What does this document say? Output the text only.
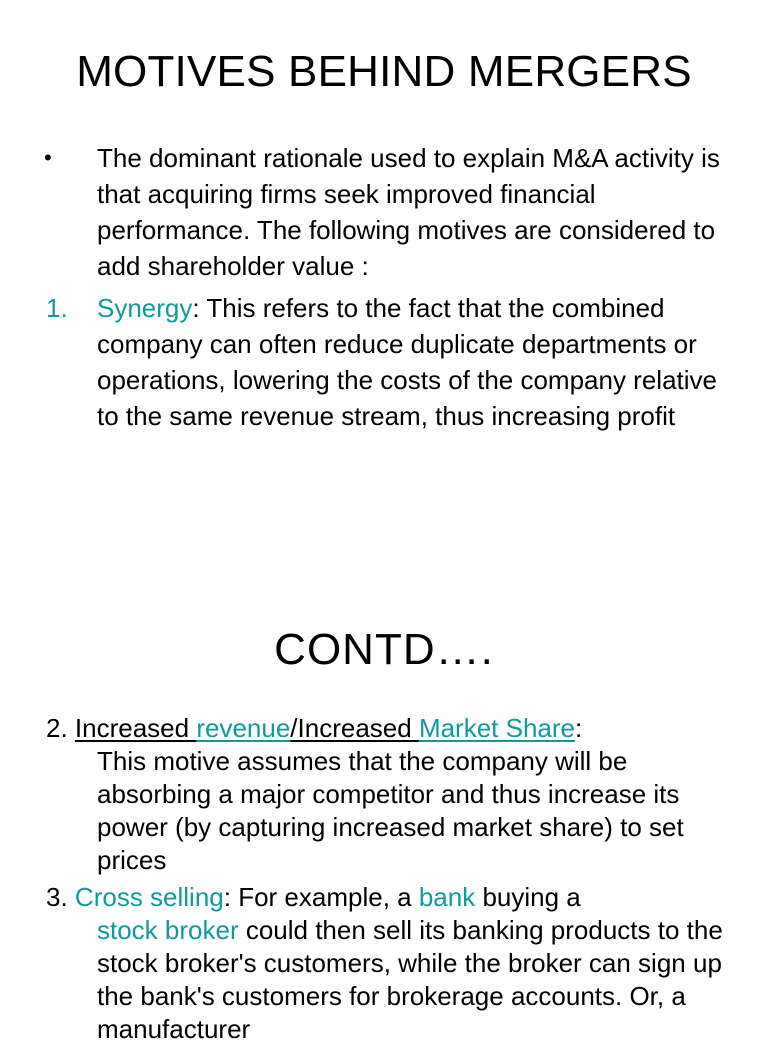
MOTIVES BEHIND MERGERS
• The dominant rationale used to explain M&A activity is that acquiring firms seek improved financial performance. The following motives are considered to add shareholder value :
1. Synergy: This refers to the fact that the combined company can often reduce duplicate departments or operations, lowering the costs of the company relative to the same revenue stream, thus increasing profit
CONTD….
2. Increased revenue/Increased Market Share:
This motive assumes that the company will be absorbing a major competitor and thus increase its power (by capturing increased market share) to set prices
3. Cross selling: For example, a bank buying a
stock broker could then sell its banking products to the stock broker's customers, while the broker can sign up the bank's customers for brokerage accounts. Or, a manufacturer
